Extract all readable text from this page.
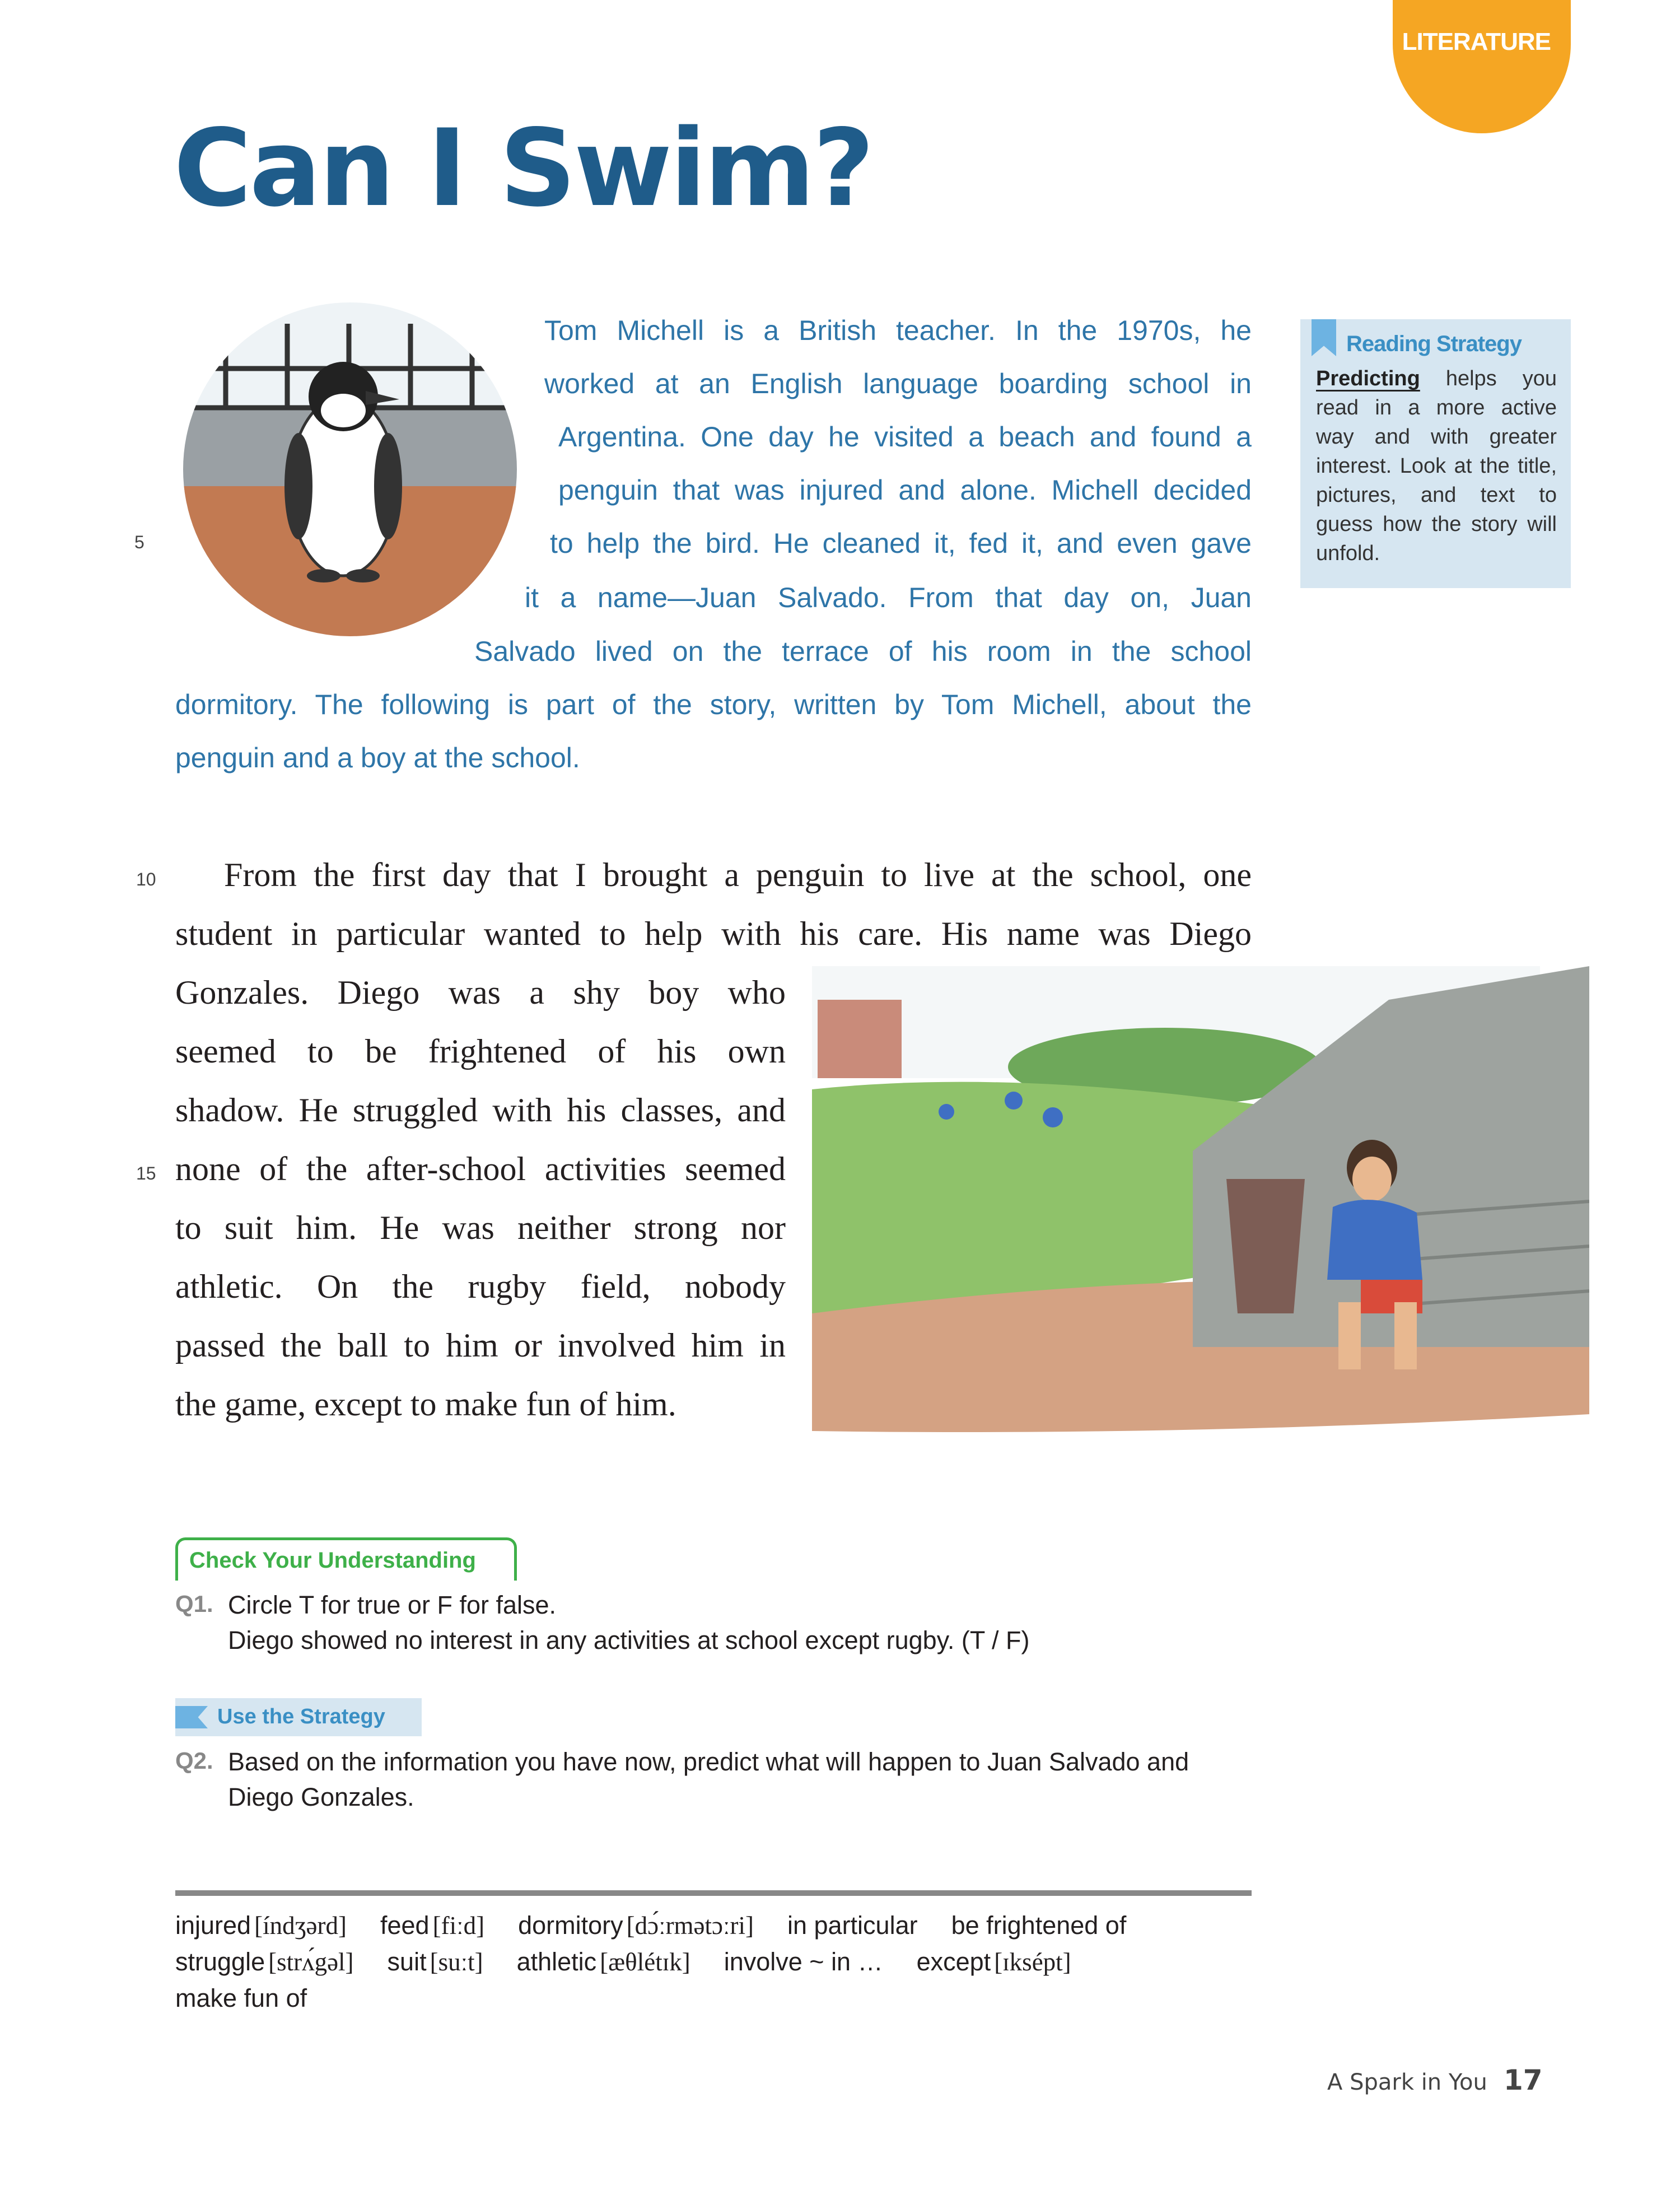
LITERATURE
Can I Swim?
5
Tom Michell is a British teacher. In the 1970s, he
worked at an English language boarding school in
Argentina. One day he visited a beach and found a
penguin that was injured and alone. Michell decided
to help the bird. He cleaned it, fed it, and even gave
it a name—Juan Salvado. From that day on, Juan
Salvado lived on the terrace of his room in the school
dormitory. The following is part of the story, written by Tom Michell, about the
penguin and a boy at the school.
Reading Strategy
Predicting helps you read in a more active way and with greater interest. Look at the title, pictures, and text to guess how the story will unfold.
10
15
From the first day that I brought a penguin to live at the school, one
student in particular wanted to help with his care. His name was Diego
Gonzales. Diego was a shy boy who
seemed to be frightened of his own
shadow. He struggled with his classes, and
none of the after-school activities seemed
to suit him. He was neither strong nor
athletic. On the rugby field, nobody
passed the ball to him or involved him in
the game, except to make fun of him.
Check Your Understanding
Q1. Circle T for true or F for false.
Diego showed no interest in any activities at school except rugby. (T / F)
Use the Strategy
Q2. Based on the information you have now, predict what will happen to Juan Salvado and
Diego Gonzales.
injured [índʒərd] feed [fiːd] dormitory [dɔ́ːrmətɔːri] in particular be frightened of
struggle [strʌ́gəl] suit [suːt] athletic [æθlétɪk] involve ~ in … except [ɪksépt]
make fun of
A Spark in You 17
